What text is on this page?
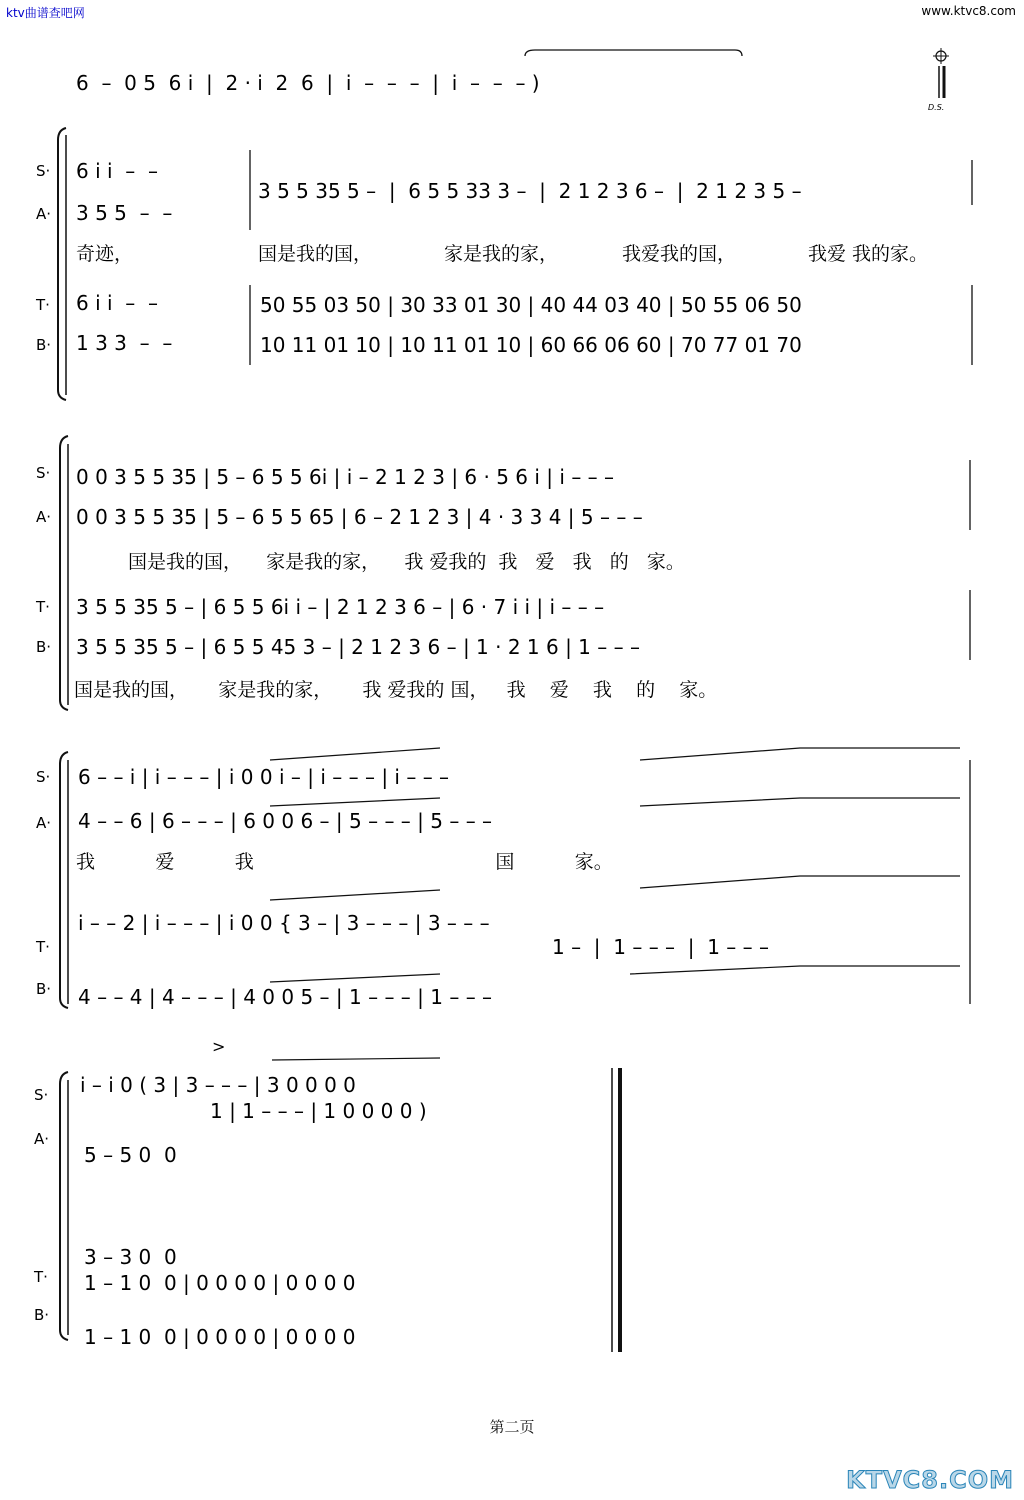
ktv曲谱查吧网	www.ktvc8.com
6  –  0 5  6 i  |  2 · i  2  6  |  i  –  –  –  |  i  –  –  – )
D.S.
S·
A·
T·
B·
6 i i  –  –
3 5 5  –  –
3 5 5 35 5 –  |  6 5 5 33 3 –  |  2 1 2 3 6 –  |  2 1 2 3 5 –
奇迹，	国是我的国，	家是我的家，	我爱我的国，	我爱 我的家。
6 i i  –  –
1 3 3  –  –
50 55 03 50 | 30 33 01 30 | 40 44 03 40 | 50 55 06 50
10 11 01 10 | 10 11 01 10 | 60 66 06 60 | 70 77 01 70
S·
A·
T·
B·
0 0 3 5 5 35 | 5 – 6 5 5 6i | i – 2 1 2 3 | 6 · 5 6 i | i – – –
0 0 3 5 5 35 | 5 – 6 5 5 65 | 6 – 2 1 2 3 | 4 · 3 3 4 | 5 – – –
国是我的国，    家是我的家，    我 爱我的  我   爱   我   的   家。
3 5 5 35 5 – | 6 5 5 6i i – | 2 1 2 3 6 – | 6 · 7 i i | i – – –
3 5 5 35 5 – | 6 5 5 45 3 – | 2 1 2 3 6 – | 1 · 2 1 6 | 1 – – –
国是我的国，     家是我的家，     我 爱我的 国，   我    爱    我    的    家。
S·
A·
T·
B·
6 – – i | i – – – | i 0 0 i – | i – – – | i – – –
4 – – 6 | 6 – – – | 6 0 0 6 – | 5 – – – | 5 – – –
我          爱          我                                        国          家。
i – – 2 | i – – – | i 0 0 { 3 – | 3 – – – | 3 – – –
1 –  |  1 – – –  |  1 – – –
4 – – 4 | 4 – – – | 4 0 0 5 – | 1 – – – | 1 – – –
S·
A·
T·
B·
>
i – i 0 ( 3 | 3 – – – | 3 0 0 0 0
1 | 1 – – – | 1 0 0 0 0 )
5 – 5 0  0
3 – 3 0  0
1 – 1 0  0 | 0 0 0 0 | 0 0 0 0
1 – 1 0  0 | 0 0 0 0 | 0 0 0 0
第二页
KTVC8.COM
